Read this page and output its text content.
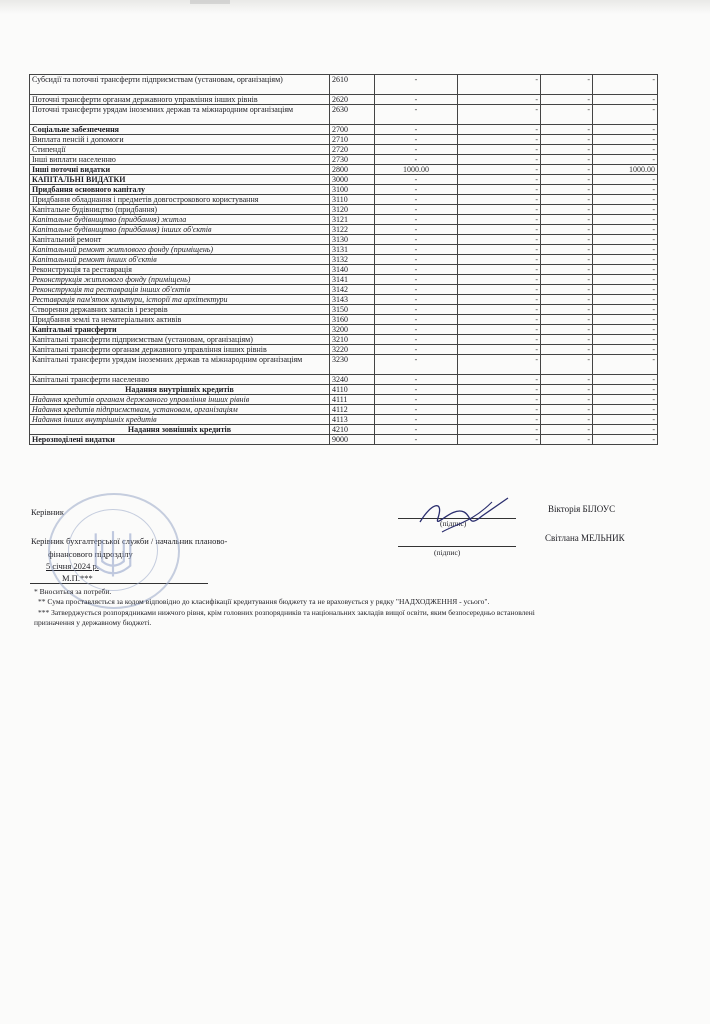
Субсидії та поточні трансферти підприємствам (установам, організаціям)	2610	-	-	-	-
Поточні трансферти органам державного управління інших рівнів	2620	-	-	-	-
Поточні трансферти урядам іноземних держав та міжнародним організаціям	2630	-	-	-	-
Соціальне забезпечення	2700	-	-	-	-
Виплата пенсій і допомоги	2710	-	-	-	-
Стипендії	2720	-	-	-	-
Інші виплати населенню	2730	-	-	-	-
Інші поточні видатки	2800	1000.00	-	-	1000.00
КАПІТАЛЬНІ ВИДАТКИ	3000	-	-	-	-
Придбання основного капіталу	3100	-	-	-	-
Придбання обладнання і предметів довгострокового користування	3110	-	-	-	-
Капітальне будівництво (придбання)	3120	-	-	-	-
Капітальне будівництво (придбання) житла	3121	-	-	-	-
Капітальне будівництво (придбання) інших об'єктів	3122	-	-	-	-
Капітальний ремонт	3130	-	-	-	-
Капітальний ремонт житлового фонду (приміщень)	3131	-	-	-	-
Капітальний ремонт інших об'єктів	3132	-	-	-	-
Реконструкція та реставрація	3140	-	-	-	-
Реконструкція житлового фонду (приміщень)	3141	-	-	-	-
Реконструкція та реставрація інших об'єктів	3142	-	-	-	-
Реставрація пам'яток культури, історії та архітектури	3143	-	-	-	-
Створення державних запасів і резервів	3150	-	-	-	-
Придбання землі та нематеріальних активів	3160	-	-	-	-
Капітальні трансферти	3200	-	-	-	-
Капітальні трансферти підприємствам (установам, організаціям)	3210	-	-	-	-
Капітальні трансферти органам державного управління інших рівнів	3220	-	-	-	-
Капітальні трансферти урядам іноземних держав та міжнародним організаціям	3230	-	-	-	-
Капітальні трансферти населенню	3240	-	-	-	-
Надання внутрішніх кредитів	4110	-	-	-	-
Надання кредитів органам державного управління інших рівнів	4111	-	-	-	-
Надання кредитів підприємствам, установам, організаціям	4112	-	-	-	-
Надання інших внутрішніх кредитів	4113	-	-	-	-
Надання зовнішніх кредитів	4210	-	-	-	-
Нерозподілені видатки	9000	-	-	-	-
Керівник
(підпис)
Вікторія БІЛОУС
Керівник бухгалтерської служби / начальник планово-
фінансового підрозділу	(підпис)
Світлана МЕЛЬНИК
5 січня 2024 р.
М.П.***
* Вноситься за потреби.
** Сума проставляється за кодом відповідно до класифікації кредитування бюджету та не враховується у рядку "НАДХОДЖЕННЯ - усього".
*** Затверджується розпорядниками нижчого рівня, крім головних розпорядників та національних закладів вищої освіти, яким безпосередньо встановлені
призначення у державному бюджеті.
